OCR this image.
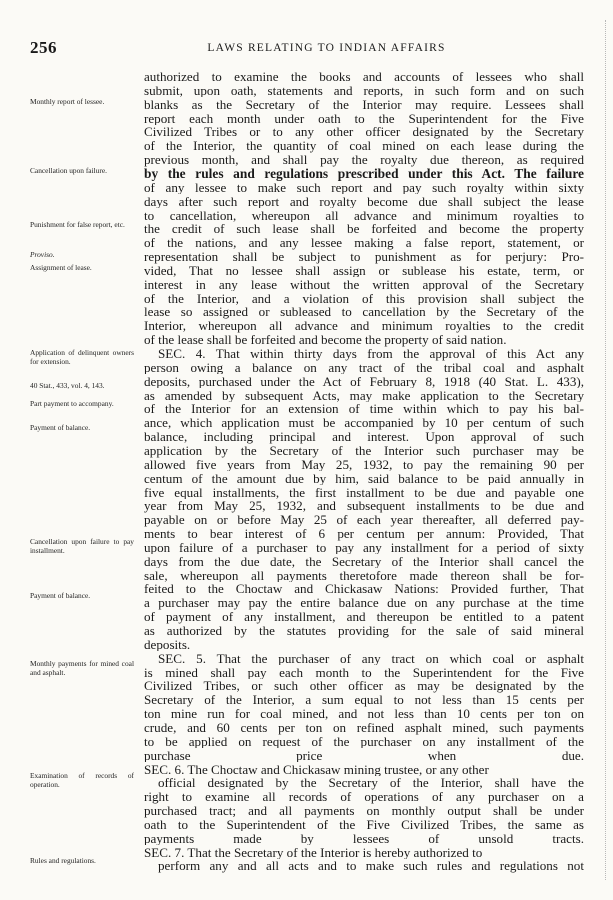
256	LAWS RELATING TO INDIAN AFFAIRS
Monthly report of lessee.
Cancellation upon failure.
Punishment for false report, etc.
Proviso.
Assignment of lease.
Application of delinquent owners for extension.
40 Stat., 433, vol. 4, 143.
Part payment to accompany.
Payment of balance.
Cancellation upon failure to pay installment.
Payment of balance.
Monthly payments for mined coal and asphalt.
Examination of records of operation.
Rules and regulations.
authorized to examine the books and accounts of lessees who shall
submit, upon oath, statements and reports, in such form and on such
blanks as the Secretary of the Interior may require. Lessees shall
report each month under oath to the Superintendent for the Five
Civilized Tribes or to any other officer designated by the Secretary
of the Interior, the quantity of coal mined on each lease during the
previous month, and shall pay the royalty due thereon, as required
by the rules and regulations prescribed under this Act. The failure
of any lessee to make such report and pay such royalty within sixty
days after such report and royalty become due shall subject the lease
to cancellation, whereupon all advance and minimum royalties to
the credit of such lease shall be forfeited and become the property
of the nations, and any lessee making a false report, statement, or
representation shall be subject to punishment as for perjury: Pro-
vided, That no lessee shall assign or sublease his estate, term, or
interest in any lease without the written approval of the Secretary
of the Interior, and a violation of this provision shall subject the
lease so assigned or subleased to cancellation by the Secretary of the
Interior, whereupon all advance and minimum royalties to the credit
of the lease shall be forfeited and become the property of said nation.
SEC. 4. That within thirty days from the approval of this Act any
person owing a balance on any tract of the tribal coal and asphalt
deposits, purchased under the Act of February 8, 1918 (40 Stat. L. 433),
as amended by subsequent Acts, may make application to the Secretary
of the Interior for an extension of time within which to pay his bal-
ance, which application must be accompanied by 10 per centum of such
balance, including principal and interest. Upon approval of such
application by the Secretary of the Interior such purchaser may be
allowed five years from May 25, 1932, to pay the remaining 90 per
centum of the amount due by him, said balance to be paid annually in
five equal installments, the first installment to be due and payable one
year from May 25, 1932, and subsequent installments to be due and
payable on or before May 25 of each year thereafter, all deferred pay-
ments to bear interest of 6 per centum per annum: Provided, That
upon failure of a purchaser to pay any installment for a period of sixty
days from the due date, the Secretary of the Interior shall cancel the
sale, whereupon all payments theretofore made thereon shall be for-
feited to the Choctaw and Chickasaw Nations: Provided further, That
a purchaser may pay the entire balance due on any purchase at the time
of payment of any installment, and thereupon be entitled to a patent
as authorized by the statutes providing for the sale of said mineral
deposits.
SEC. 5. That the purchaser of any tract on which coal or asphalt
is mined shall pay each month to the Superintendent for the Five
Civilized Tribes, or such other officer as may be designated by the
Secretary of the Interior, a sum equal to not less than 15 cents per
ton mine run for coal mined, and not less than 10 cents per ton on
crude, and 60 cents per ton on refined asphalt mined, such payments
to be applied on request of the purchaser on any installment of the
purchase price when due.
SEC. 6. The Choctaw and Chickasaw mining trustee, or any other
official designated by the Secretary of the Interior, shall have the
right to examine all records of operations of any purchaser on a
purchased tract; and all payments on monthly output shall be under
oath to the Superintendent of the Five Civilized Tribes, the same as
payments made by lessees of unsold tracts.
SEC. 7. That the Secretary of the Interior is hereby authorized to
perform any and all acts and to make such rules and regulations not
